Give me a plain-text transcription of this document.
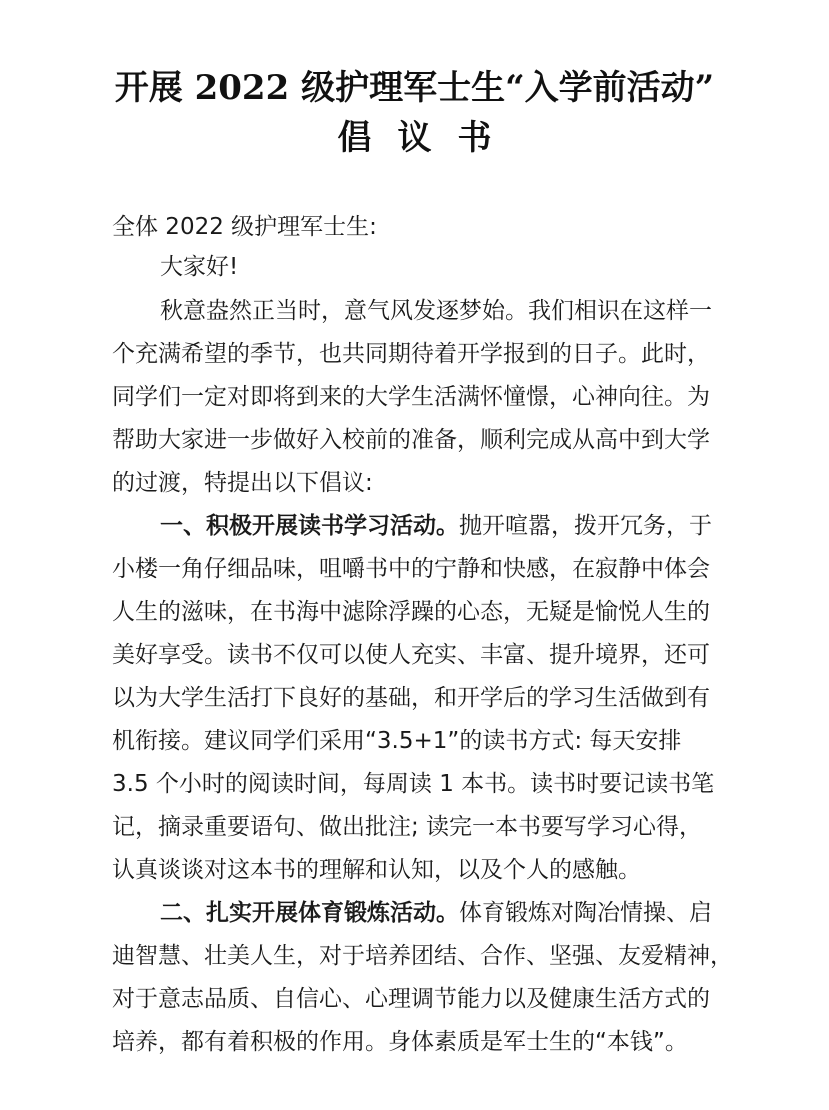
开展 2022 级护理军士生“入学前活动”
倡议书
全体 2022 级护理军士生:
大家好!
秋意盎然正当时，意气风发逐梦始。我们相识在这样一
个充满希望的季节，也共同期待着开学报到的日子。此时，
同学们一定对即将到来的大学生活满怀憧憬，心神向往。为
帮助大家进一步做好入校前的准备，顺利完成从高中到大学
的过渡，特提出以下倡议:
一、积极开展读书学习活动。抛开喧嚣，拨开冗务，于
小楼一角仔细品味，咀嚼书中的宁静和快感，在寂静中体会
人生的滋味，在书海中滤除浮躁的心态，无疑是愉悦人生的
美好享受。读书不仅可以使人充实、丰富、提升境界，还可
以为大学生活打下良好的基础，和开学后的学习生活做到有
机衔接。建议同学们采用“3.5+1”的读书方式: 每天安排
3.5 个小时的阅读时间，每周读 1 本书。读书时要记读书笔
记，摘录重要语句、做出批注; 读完一本书要写学习心得，
认真谈谈对这本书的理解和认知，以及个人的感触。
二、扎实开展体育锻炼活动。体育锻炼对陶冶情操、启
迪智慧、壮美人生，对于培养团结、合作、坚强、友爱精神，
对于意志品质、自信心、心理调节能力以及健康生活方式的
培养，都有着积极的作用。身体素质是军士生的“本钱”。
